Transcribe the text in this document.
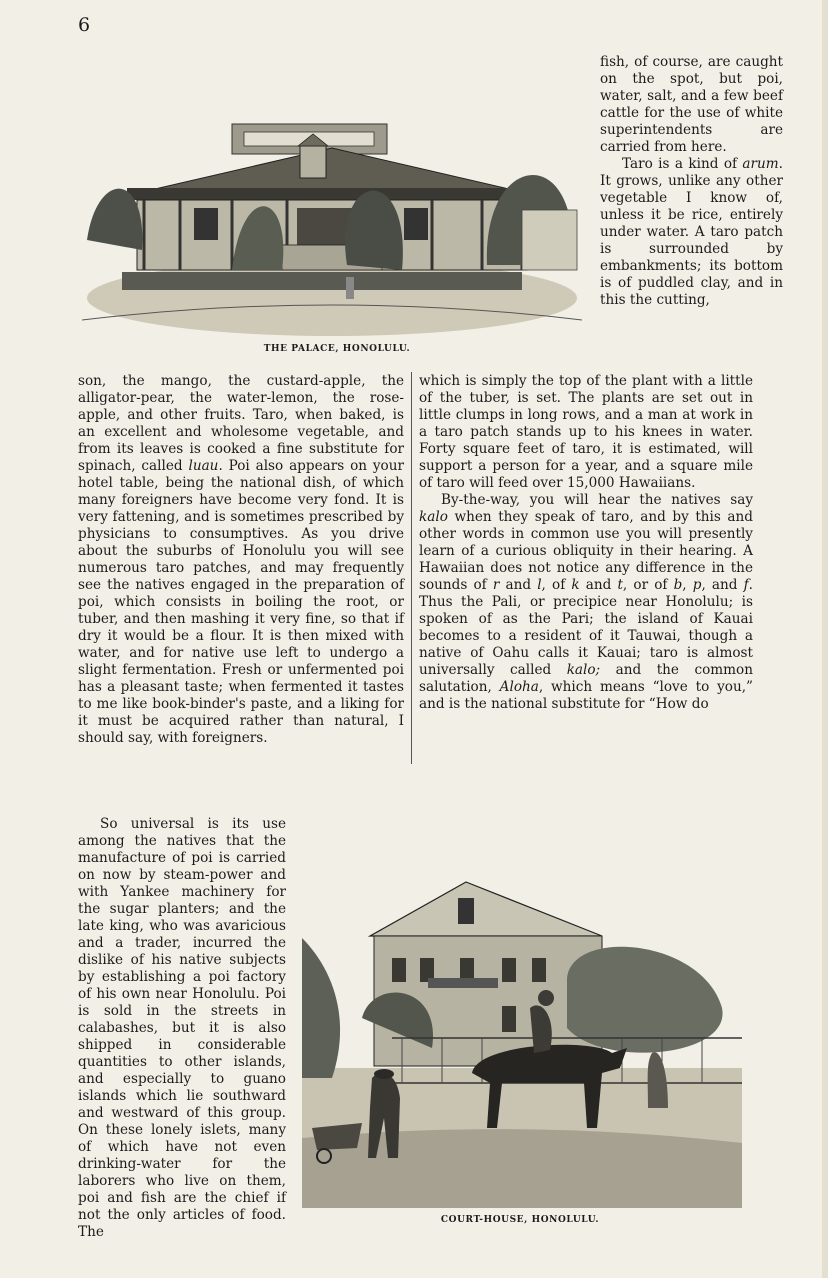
6
THE PALACE, HONOLULU.

fish, of course, are caught on the spot, but poi, water, salt, and a few beef cattle for the use of white superintendents are carried from here.

Taro is a kind of arum. It grows, unlike any other vegetable I know of, unless it be rice, entirely under water. A taro patch is surrounded by embankments; its bottom is of puddled clay, and in this the cutting,

son, the mango, the custard-apple, the alligator-pear, the water-lemon, the rose-apple, and other fruits. Taro, when baked, is an excellent and wholesome vegetable, and from its leaves is cooked a fine substitute for spinach, called luau. Poi also appears on your hotel table, being the national dish, of which many foreigners have become very fond. It is very fattening, and is sometimes prescribed by physicians to consumptives. As you drive about the suburbs of Honolulu you will see numerous taro patches, and may frequently see the natives engaged in the preparation of poi, which consists in boiling the root, or tuber, and then mashing it very fine, so that if dry it would be a flour. It is then mixed with water, and for native use left to undergo a slight fermentation. Fresh or unfermented poi has a pleasant taste; when fermented it tastes to me like book-binder's paste, and a liking for it must be acquired rather than natural, I should say, with foreigners.

which is simply the top of the plant with a little of the tuber, is set. The plants are set out in little clumps in long rows, and a man at work in a taro patch stands up to his knees in water. Forty square feet of taro, it is estimated, will support a person for a year, and a square mile of taro will feed over 15,000 Hawaiians.

By-the-way, you will hear the natives say kalo when they speak of taro, and by this and other words in common use you will presently learn of a curious obliquity in their hearing. A Hawaiian does not notice any difference in the sounds of r and l, of k and t, or of b, p, and f. Thus the Pali, or precipice near Honolulu; is spoken of as the Pari; the island of Kauai becomes to a resident of it Tauwai, though a native of Oahu calls it Kauai; taro is almost universally called kalo; and the common salutation, Aloha, which means “love to you,” and is the national substitute for “How do

So universal is its use among the natives that the manufacture of poi is carried on now by steam-power and with Yankee machinery for the sugar planters; and the late king, who was avaricious and a trader, incurred the dislike of his native subjects by establishing a poi factory of his own near Honolulu. Poi is sold in the streets in calabashes, but it is also shipped in considerable quantities to other islands, and especially to guano islands which lie southward and westward of this group. On these lonely islets, many of which have not even drinking-water for the laborers who live on them, poi and fish are the chief if not the only articles of food. The

COURT-HOUSE, HONOLULU.
